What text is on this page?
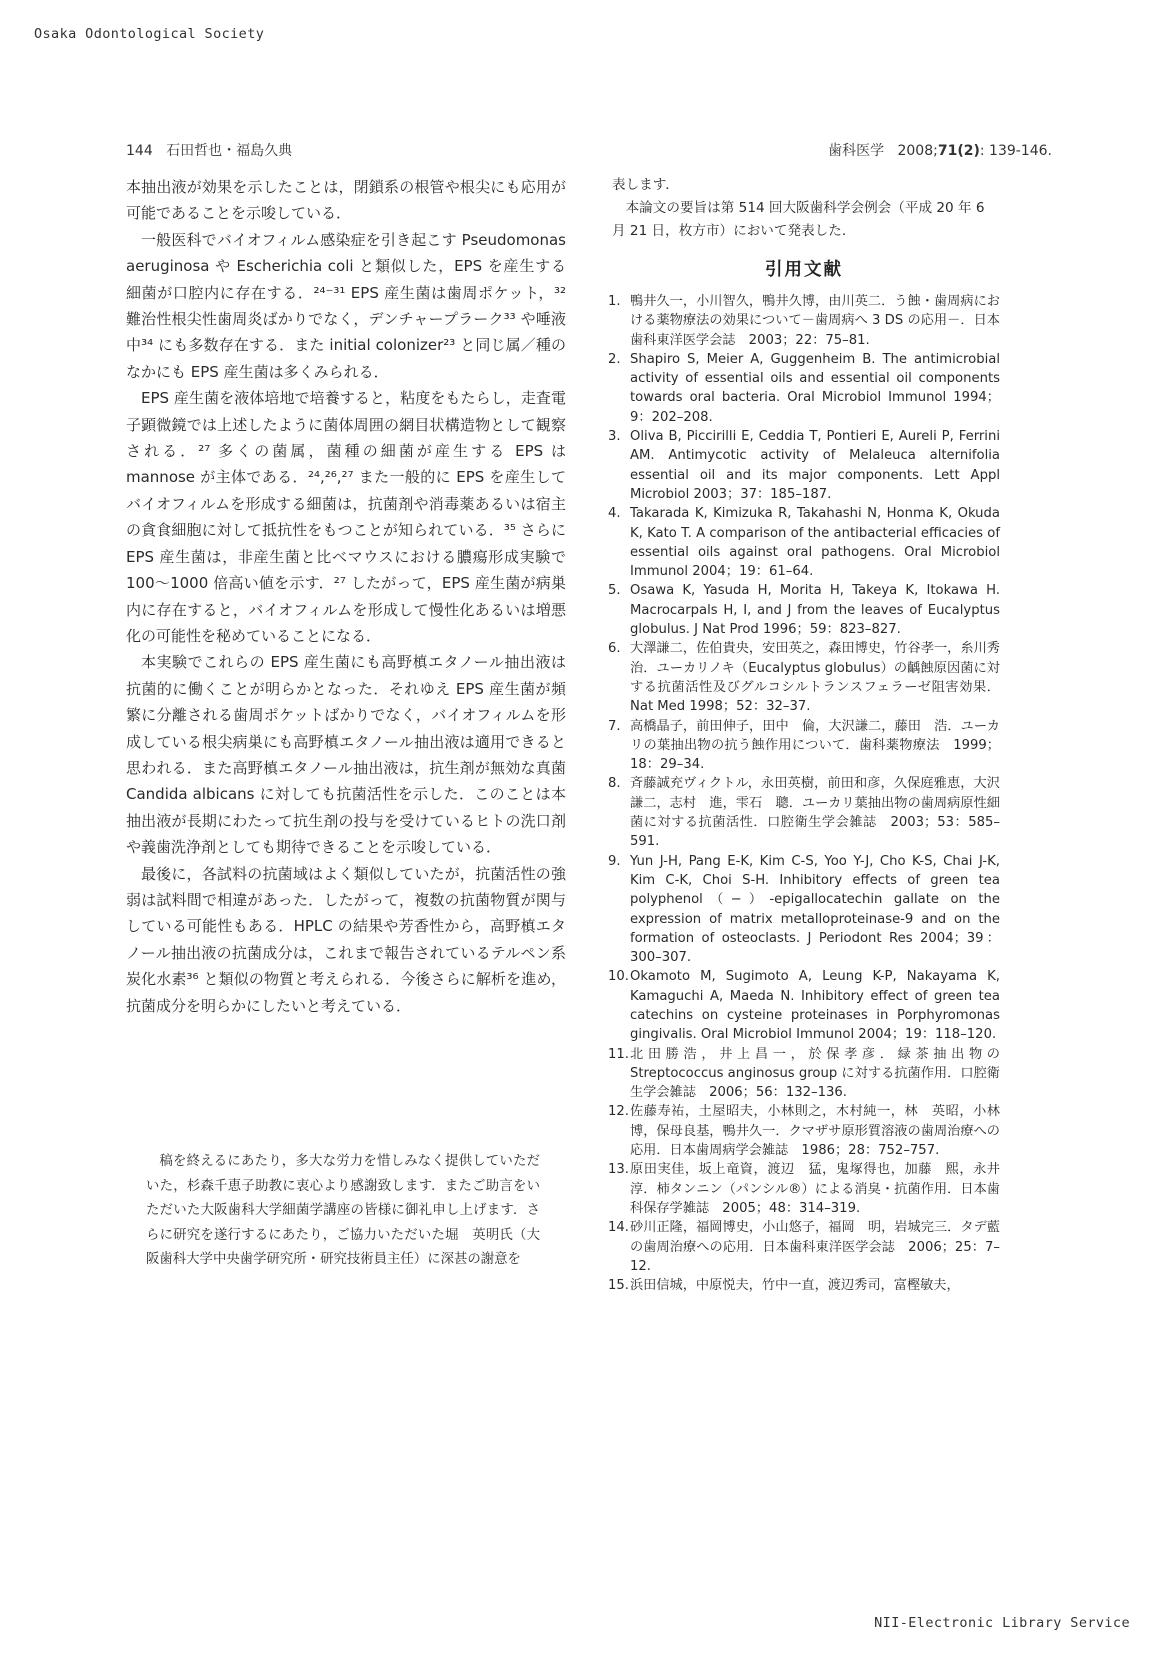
Osaka Odontological Society
144 石田哲也・福島久典	歯科医学 2008;71(2): 139-146.

本抽出液が効果を示したことは，閉鎖系の根管や根尖にも応用が可能であることを示唆している．

一般医科でバイオフィルム感染症を引き起こす Pseudomonas aeruginosa や Escherichia coli と類似した，EPS を産生する細菌が口腔内に存在する．²⁴⁻³¹ EPS 産生菌は歯周ポケット，³² 難治性根尖性歯周炎ばかりでなく，デンチャープラーク³³ や唾液中³⁴ にも多数存在する．また initial colonizer²³ と同じ属／種のなかにも EPS 産生菌は多くみられる．

EPS 産生菌を液体培地で培養すると，粘度をもたらし，走査電子顕微鏡では上述したように菌体周囲の網目状構造物として観察される．²⁷ 多くの菌属，菌種の細菌が産生する EPS は mannose が主体である．²⁴,²⁶,²⁷ また一般的に EPS を産生してバイオフィルムを形成する細菌は，抗菌剤や消毒薬あるいは宿主の貪食細胞に対して抵抗性をもつことが知られている．³⁵ さらに EPS 産生菌は，非産生菌と比べマウスにおける膿瘍形成実験で 100〜1000 倍高い値を示す．²⁷ したがって，EPS 産生菌が病巣内に存在すると，バイオフィルムを形成して慢性化あるいは増悪化の可能性を秘めていることになる．

本実験でこれらの EPS 産生菌にも高野槙エタノール抽出液は抗菌的に働くことが明らかとなった．それゆえ EPS 産生菌が頻繁に分離される歯周ポケットばかりでなく，バイオフィルムを形成している根尖病巣にも高野槙エタノール抽出液は適用できると思われる．また高野槙エタノール抽出液は，抗生剤が無効な真菌 Candida albicans に対しても抗菌活性を示した．このことは本抽出液が長期にわたって抗生剤の投与を受けているヒトの洗口剤や義歯洗浄剤としても期待できることを示唆している．

最後に，各試料の抗菌域はよく類似していたが，抗菌活性の強弱は試料間で相違があった．したがって，複数の抗菌物質が関与している可能性もある．HPLC の結果や芳香性から，高野槙エタノール抽出液の抗菌成分は，これまで報告されているテルペン系炭化水素³⁶ と類似の物質と考えられる．今後さらに解析を進め，抗菌成分を明らかにしたいと考えている．

稿を終えるにあたり，多大な労力を惜しみなく提供していただいた，杉森千恵子助教に衷心より感謝致します．またご助言をいただいた大阪歯科大学細菌学講座の皆様に御礼申し上げます．さらに研究を遂行するにあたり，ご協力いただいた堀　英明氏（大阪歯科大学中央歯学研究所・研究技術員主任）に深甚の謝意を

表します．

本論文の要旨は第 514 回大阪歯科学会例会（平成 20 年 6 月 21 日，枚方市）において発表した．

引用文献
1. 鴨井久一，小川智久，鴨井久博，由川英二．う蝕・歯周病における薬物療法の効果について－歯周病へ 3 DS の応用－．日本歯科東洋医学会誌　2003；22：75–81.
2. Shapiro S, Meier A, Guggenheim B. The antimicrobial activity of essential oils and essential oil components towards oral bacteria. Oral Microbiol Immunol 1994；9：202–208.
3. Oliva B, Piccirilli E, Ceddia T, Pontieri E, Aureli P, Ferrini AM. Antimycotic activity of Melaleuca alternifolia essential oil and its major components. Lett Appl Microbiol 2003；37：185–187.
4. Takarada K, Kimizuka R, Takahashi N, Honma K, Okuda K, Kato T. A comparison of the antibacterial efficacies of essential oils against oral pathogens. Oral Microbiol Immunol 2004；19：61–64.
5. Osawa K, Yasuda H, Morita H, Takeya K, Itokawa H. Macrocarpals H, I, and J from the leaves of Eucalyptus globulus. J Nat Prod 1996；59：823–827.
6. 大澤謙二，佐伯貴央，安田英之，森田博史，竹谷孝一，糸川秀治．ユーカリノキ（Eucalyptus globulus）の齲蝕原因菌に対する抗菌活性及びグルコシルトランスフェラーゼ阻害効果．Nat Med 1998；52：32–37.
7. 高橋晶子，前田伸子，田中　倫，大沢謙二，藤田　浩．ユーカリの葉抽出物の抗う蝕作用について．歯科薬物療法　1999；18：29–34.
8. 斉藤誠充ヴィクトル，永田英樹，前田和彦，久保庭雅恵，大沢謙二，志村　進，雫石　聰．ユーカリ葉抽出物の歯周病原性細菌に対する抗菌活性．口腔衛生学会雑誌　2003；53：585–591.
9. Yun J-H, Pang E-K, Kim C-S, Yoo Y-J, Cho K-S, Chai J-K, Kim C-K, Choi S-H. Inhibitory effects of green tea polyphenol（−）-epigallocatechin gallate on the expression of matrix metalloproteinase-9 and on the formation of osteoclasts. J Periodont Res 2004；39：300–307.
10. Okamoto M, Sugimoto A, Leung K-P, Nakayama K, Kamaguchi A, Maeda N. Inhibitory effect of green tea catechins on cysteine proteinases in Porphyromonas gingivalis. Oral Microbiol Immunol 2004；19：118–120.
11. 北田勝浩，井上昌一，於保孝彦．緑茶抽出物の Streptococcus anginosus group に対する抗菌作用．口腔衛生学会雑誌　2006；56：132–136.
12. 佐藤寿祐，土屋昭夫，小林則之，木村純一，林　英昭，小林　博，保母良基，鴨井久一．クマザサ原形質溶液の歯周治療への応用．日本歯周病学会雑誌　1986；28：752–757.
13. 原田実佳，坂上竜資，渡辺　猛，鬼塚得也，加藤　熙，永井　淳．柿タンニン（パンシル®）による消臭・抗菌作用．日本歯科保存学雑誌　2005；48：314–319.
14. 砂川正隆，福岡博史，小山悠子，福岡　明，岩城完三．タデ藍の歯周治療への応用．日本歯科東洋医学会誌　2006；25：7–12.
15. 浜田信城，中原悦夫，竹中一直，渡辺秀司，富樫敏夫，
NII-Electronic Library Service
